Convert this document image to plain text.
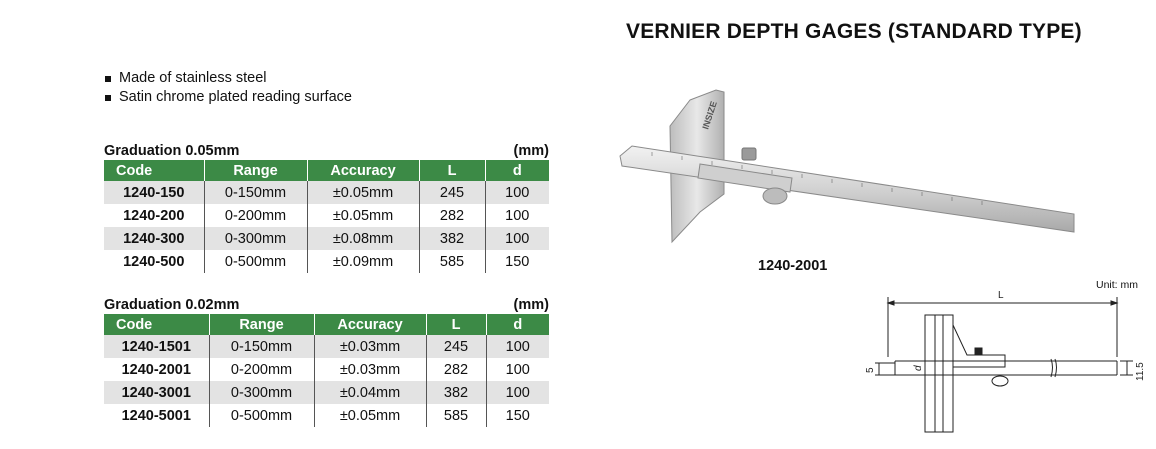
VERNIER DEPTH GAGES (STANDARD TYPE)
Made of stainless steel
Satin chrome plated reading surface
Graduation 0.05mm	(mm)
Code	Range	Accuracy	L	d
1240-150	0-150mm	±0.05mm	245	100
1240-200	0-200mm	±0.05mm	282	100
1240-300	0-300mm	±0.08mm	382	100
1240-500	0-500mm	±0.09mm	585	150
Graduation 0.02mm	(mm)
Code	Range	Accuracy	L	d
1240-1501	0-150mm	±0.03mm	245	100
1240-2001	0-200mm	±0.03mm	282	100
1240-3001	0-300mm	±0.04mm	382	100
1240-5001	0-500mm	±0.05mm	585	150
INSIZE
1240-2001
Unit: mm
L
d
5	11.5
